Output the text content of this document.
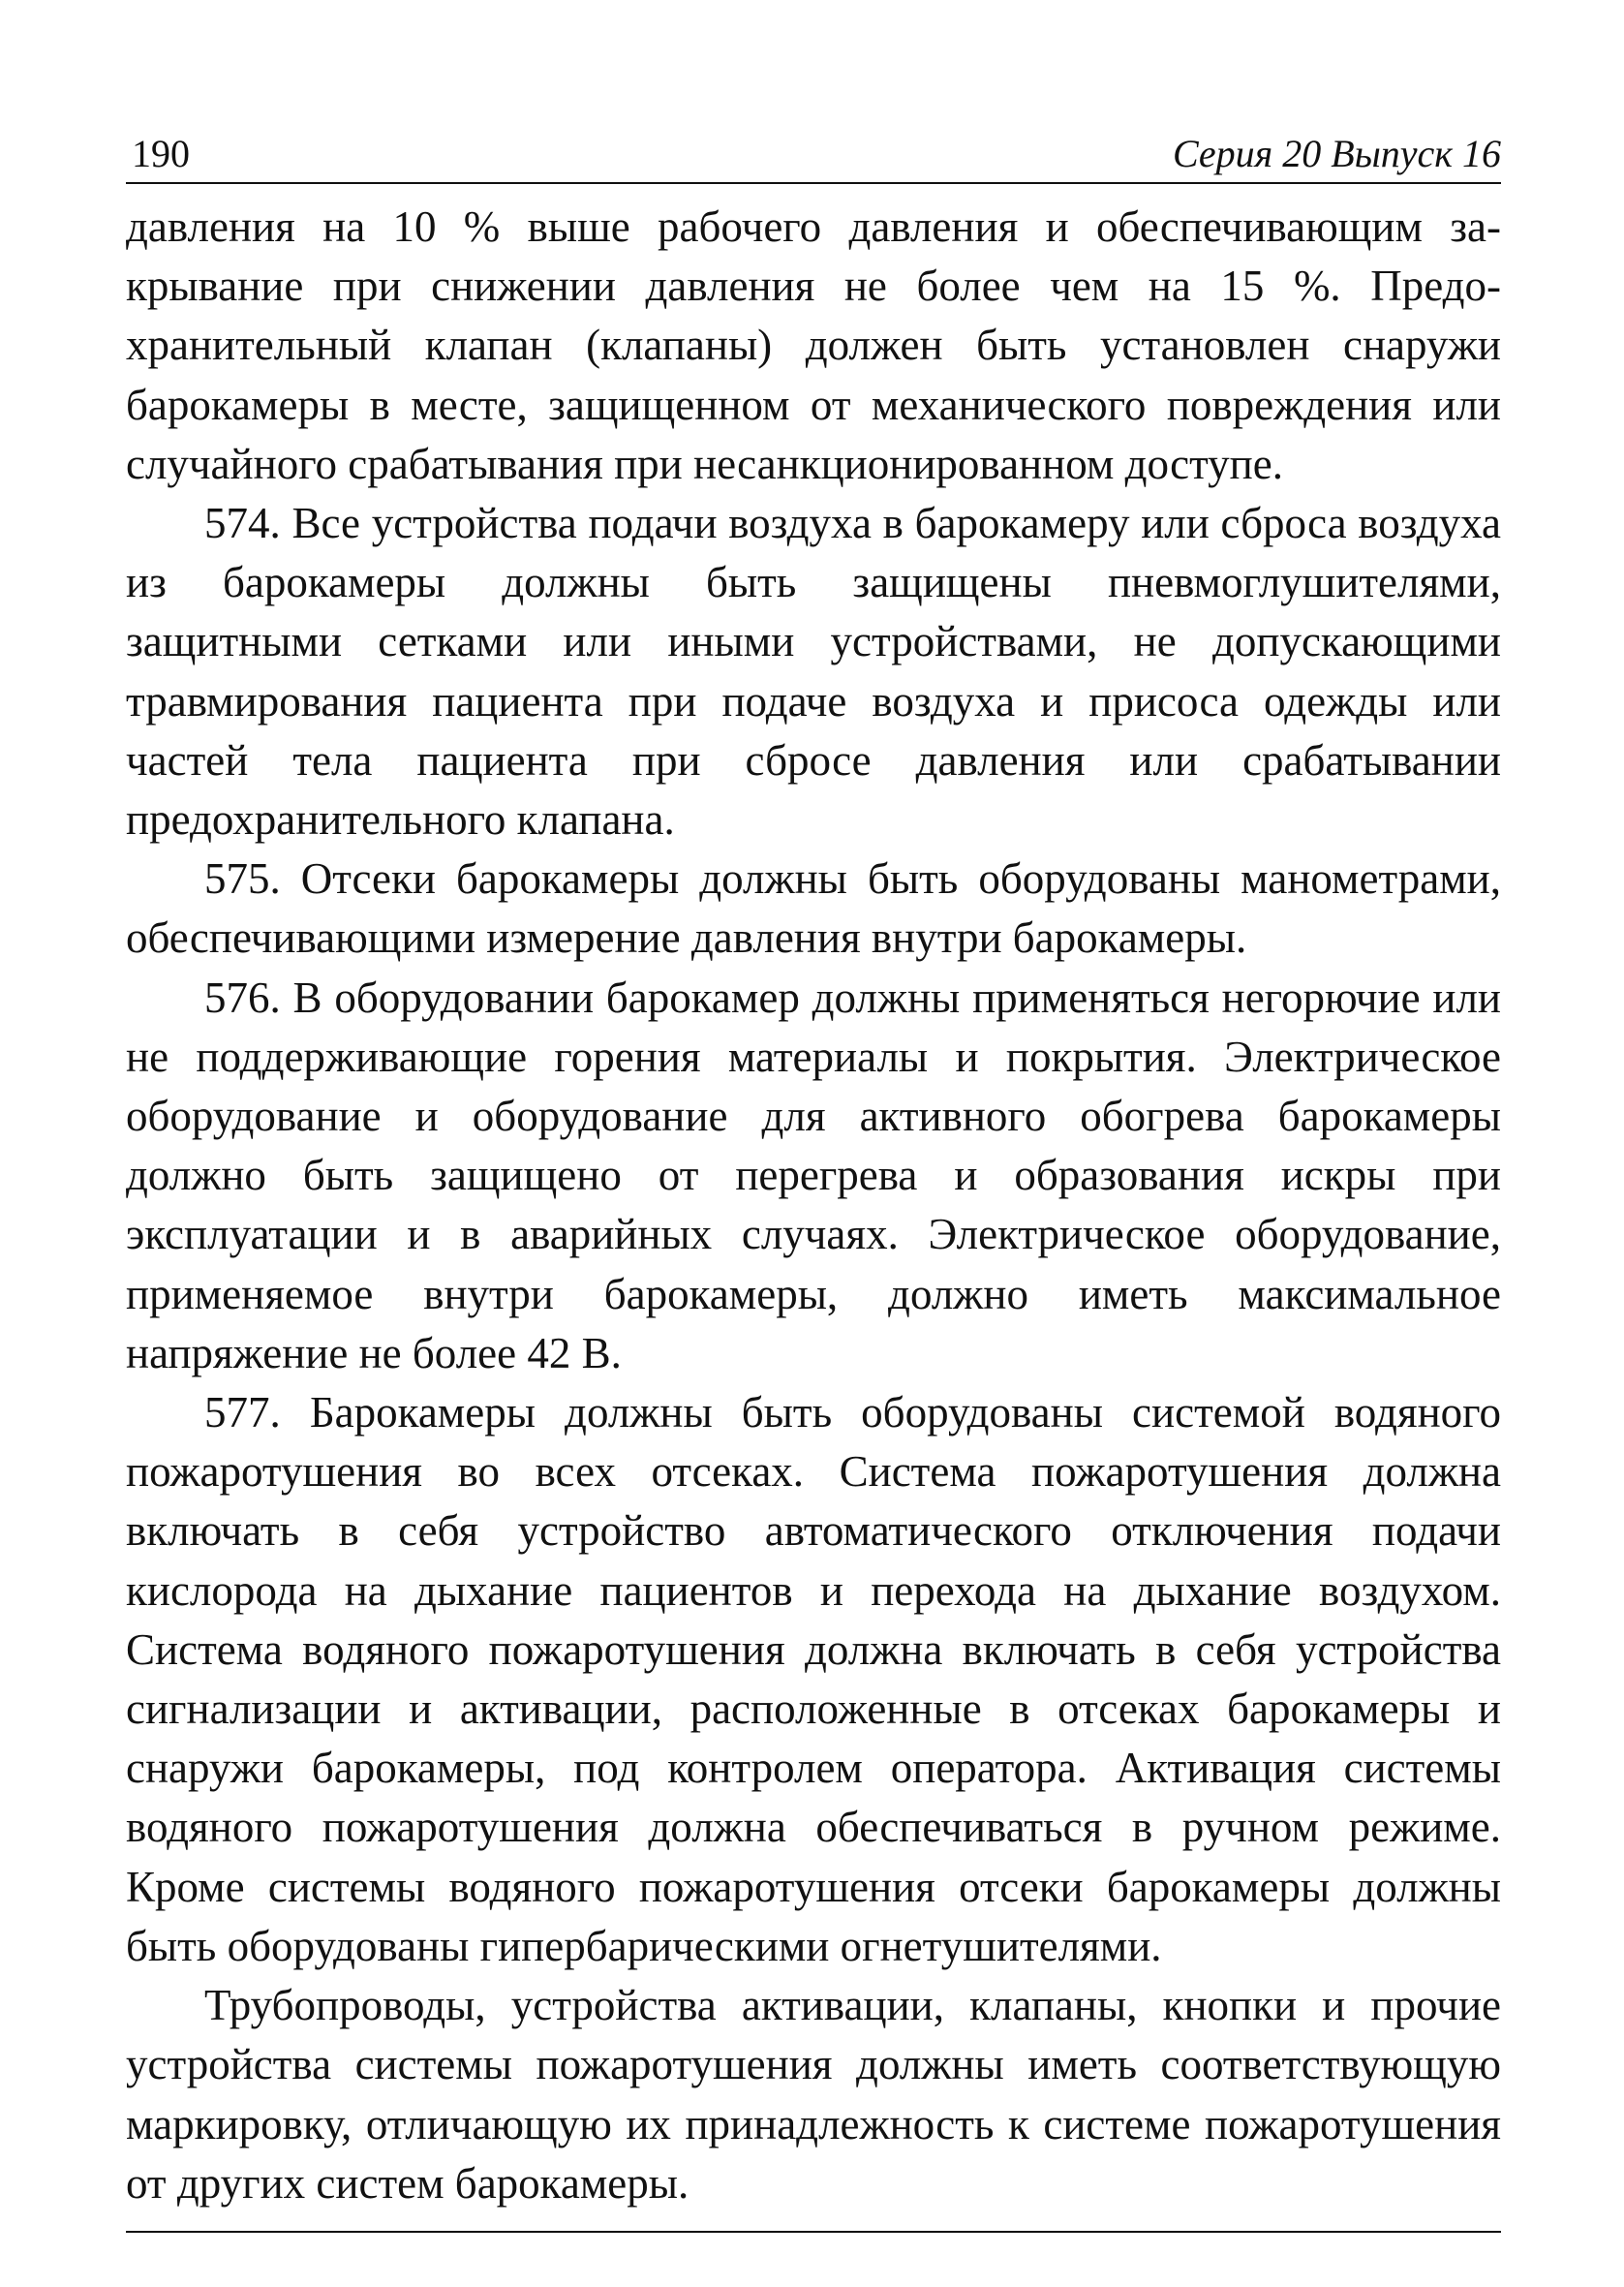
190	Серия 20 Выпуск 16

давления на 10 % выше рабочего давления и обеспечивающим закрывание при снижении давления не более чем на 15 %. Предохранительный клапан (клапаны) должен быть установлен снаружи барокамеры в месте, защищенном от механического повреждения или случайного срабатывания при несанкционированном доступе.

574. Все устройства подачи воздуха в барокамеру или сброса воздуха из барокамеры должны быть защищены пневмоглушителями, защитными сетками или иными устройствами, не допускающими травмирования пациента при подаче воздуха и присоса одежды или частей тела пациента при сбросе давления или срабатывании предохранительного клапана.

575. Отсеки барокамеры должны быть оборудованы манометрами, обеспечивающими измерение давления внутри барокамеры.

576. В оборудовании барокамер должны применяться негорючие или не поддерживающие горения материалы и покрытия. Электрическое оборудование и оборудование для активного обогрева барокамеры должно быть защищено от перегрева и образования искры при эксплуатации и в аварийных случаях. Электрическое оборудование, применяемое внутри барокамеры, должно иметь максимальное напряжение не более 42 В.

577. Барокамеры должны быть оборудованы системой водяного пожаротушения во всех отсеках. Система пожаротушения должна включать в себя устройство автоматического отключения подачи кислорода на дыхание пациентов и перехода на дыхание воздухом. Система водяного пожаротушения должна включать в себя устройства сигнализации и активации, расположенные в отсеках бaрокамеры и снаружи барокамеры, под контролем оператора. Активация системы водяного пожаротушения должна обеспечиваться в ручном режиме. Кроме системы водяного пожаротушения отсеки барокамеры должны быть оборудованы гипербарическими огнетушителями.

Трубопроводы, устройства активации, клапаны, кнопки и прочие устройства системы пожаротушения должны иметь соответствующую маркировку, отличающую их принадлежность к системе пожаротушения от других систем барокамеры.
